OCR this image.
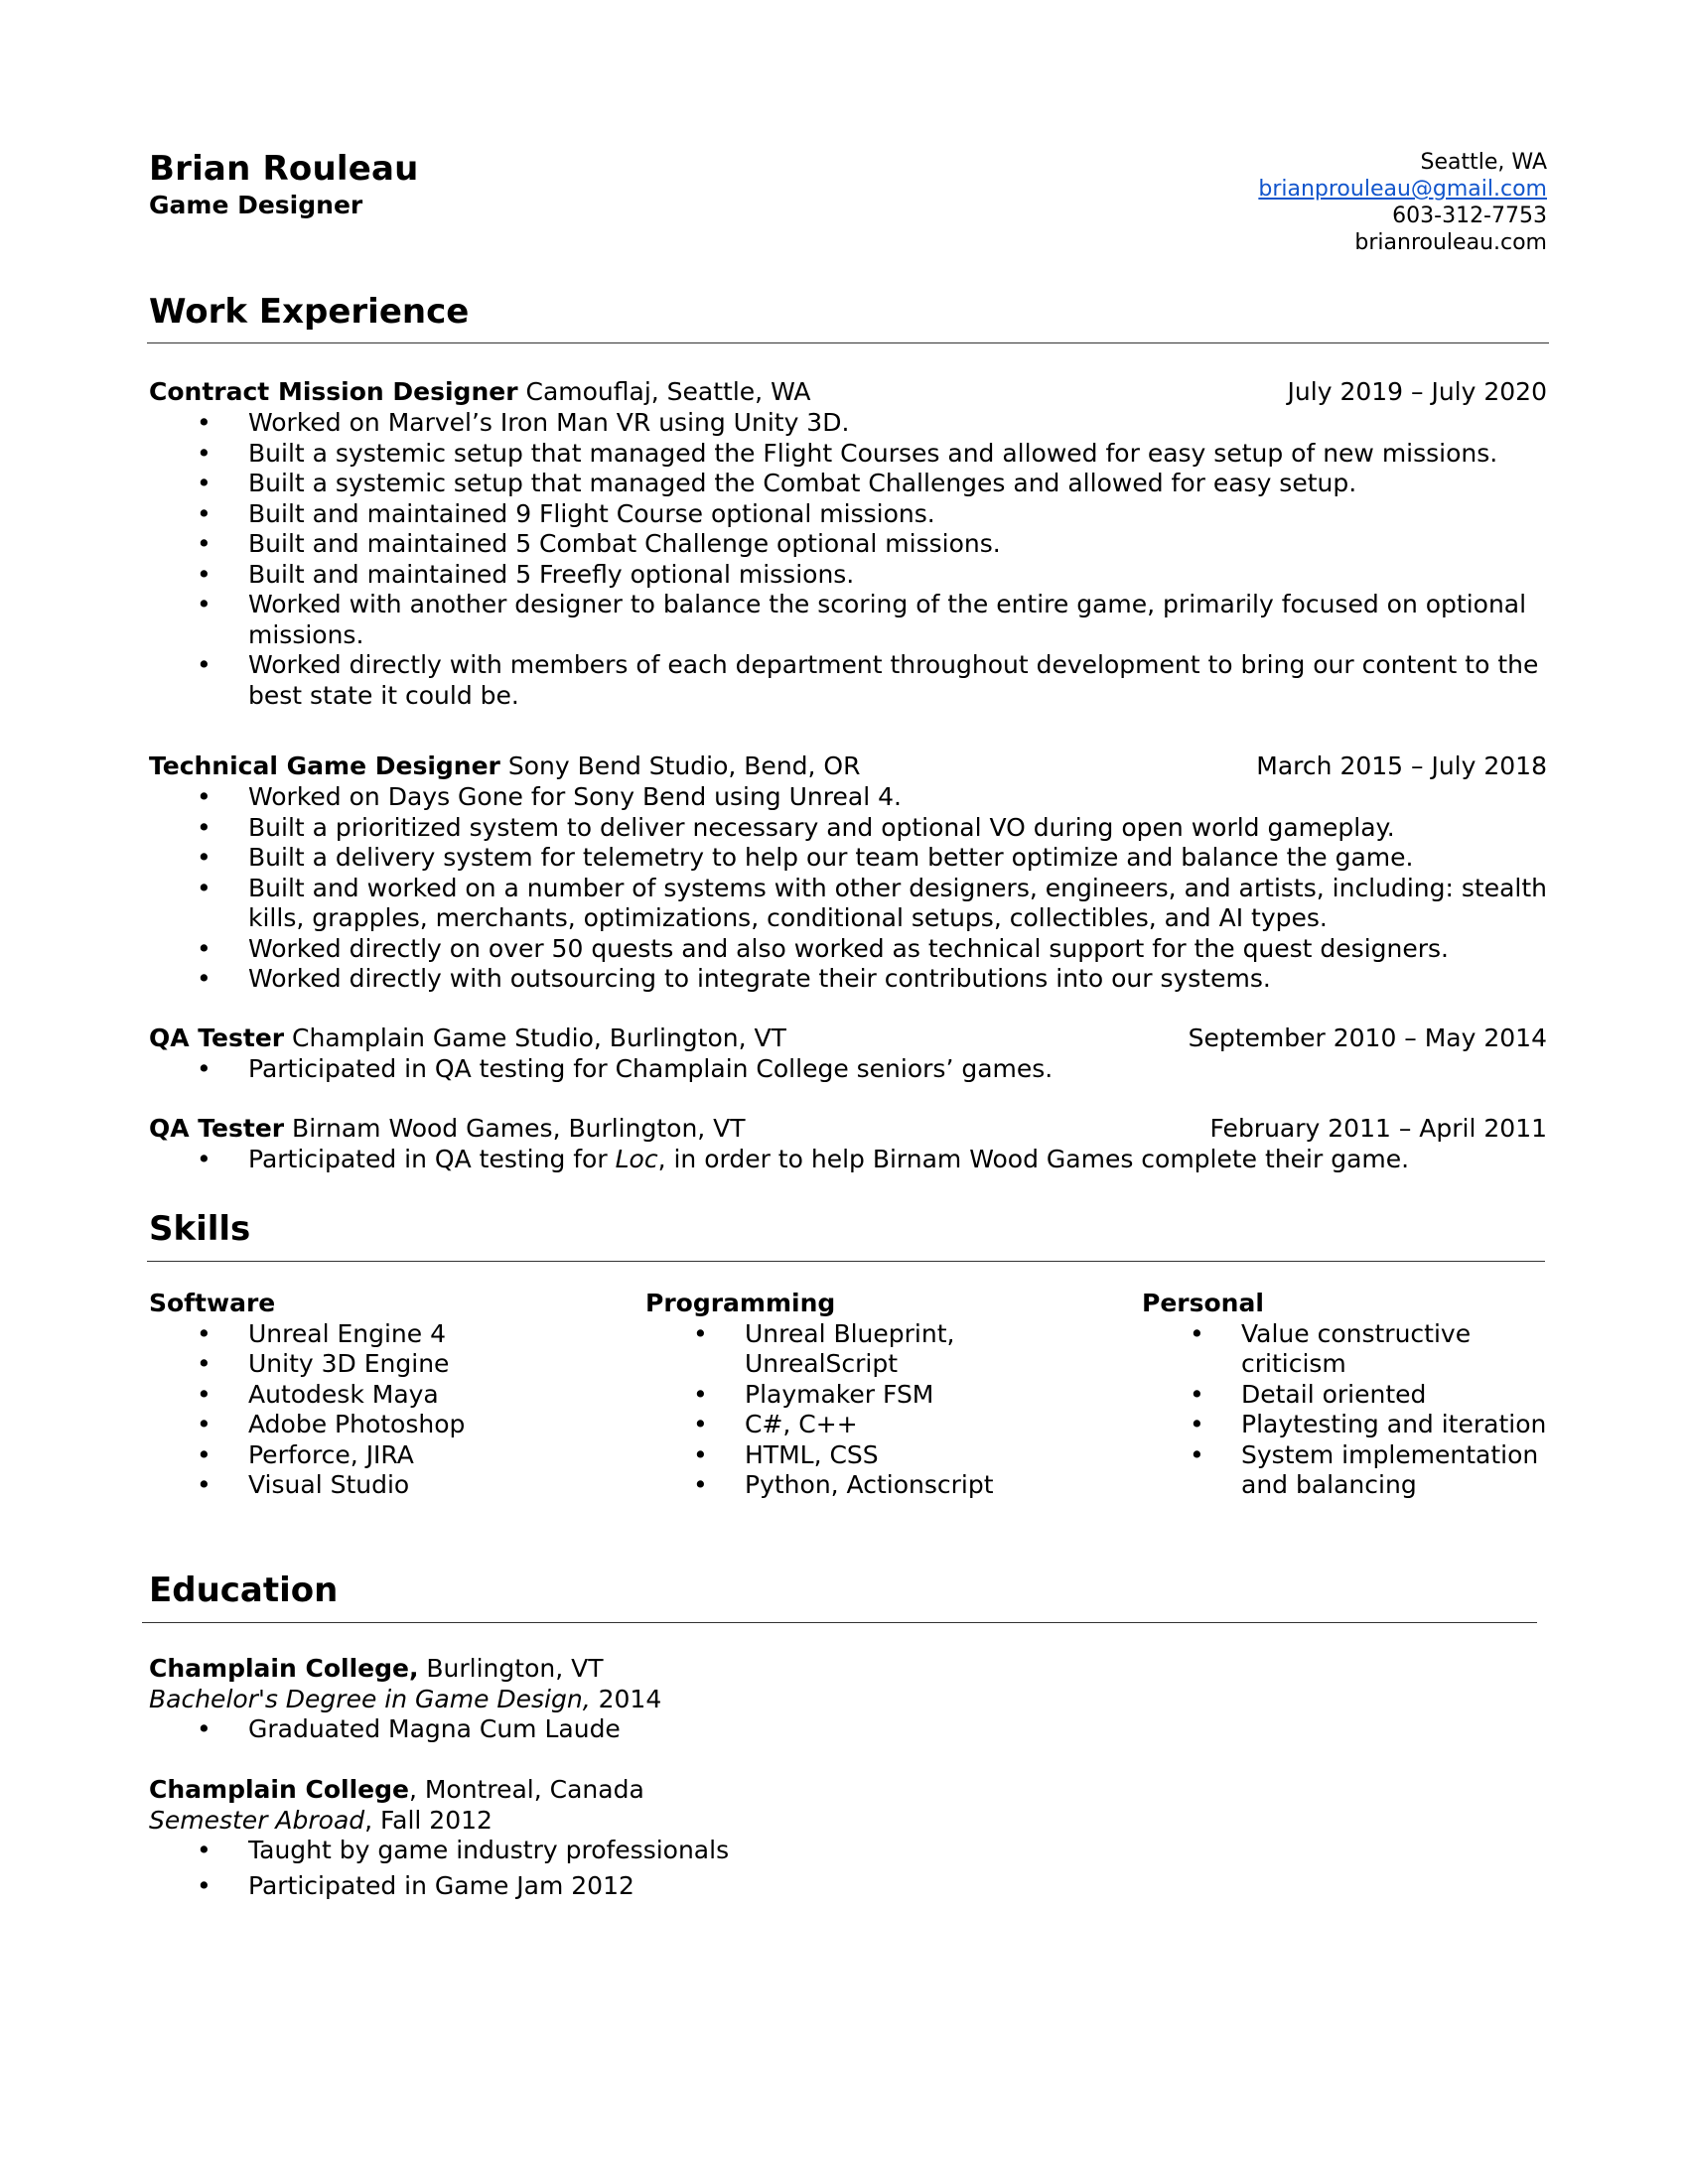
Brian Rouleau
Game Designer
Seattle, WA
brianprouleau@gmail.com
603-312-7753
brianrouleau.com
Work Experience
Contract Mission Designer Camouflaj, Seattle, WA	July 2019 – July 2020
• Worked on Marvel’s Iron Man VR using Unity 3D.
• Built a systemic setup that managed the Flight Courses and allowed for easy setup of new missions.
• Built a systemic setup that managed the Combat Challenges and allowed for easy setup.
• Built and maintained 9 Flight Course optional missions.
• Built and maintained 5 Combat Challenge optional missions.
• Built and maintained 5 Freefly optional missions.
• Worked with another designer to balance the scoring of the entire game, primarily focused on optional missions.
• Worked directly with members of each department throughout development to bring our content to the best state it could be.
Technical Game Designer Sony Bend Studio, Bend, OR	March 2015 – July 2018
• Worked on Days Gone for Sony Bend using Unreal 4.
• Built a prioritized system to deliver necessary and optional VO during open world gameplay.
• Built a delivery system for telemetry to help our team better optimize and balance the game.
• Built and worked on a number of systems with other designers, engineers, and artists, including: stealth kills, grapples, merchants, optimizations, conditional setups, collectibles, and AI types.
• Worked directly on over 50 quests and also worked as technical support for the quest designers.
• Worked directly with outsourcing to integrate their contributions into our systems.
QA Tester Champlain Game Studio, Burlington, VT	September 2010 – May 2014
• Participated in QA testing for Champlain College seniors’ games.
QA Tester Birnam Wood Games, Burlington, VT	February 2011 – April 2011
• Participated in QA testing for Loc, in order to help Birnam Wood Games complete their game.
Skills
Software
• Unreal Engine 4
• Unity 3D Engine
• Autodesk Maya
• Adobe Photoshop
• Perforce, JIRA
• Visual Studio
Programming
• Unreal Blueprint, UnrealScript
• Playmaker FSM
• C#, C++
• HTML, CSS
• Python, Actionscript
Personal
• Value constructive criticism
• Detail oriented
• Playtesting and iteration
• System implementation and balancing
Education
Champlain College, Burlington, VT
Bachelor's Degree in Game Design, 2014
• Graduated Magna Cum Laude
Champlain College, Montreal, Canada
Semester Abroad, Fall 2012
• Taught by game industry professionals
• Participated in Game Jam 2012
